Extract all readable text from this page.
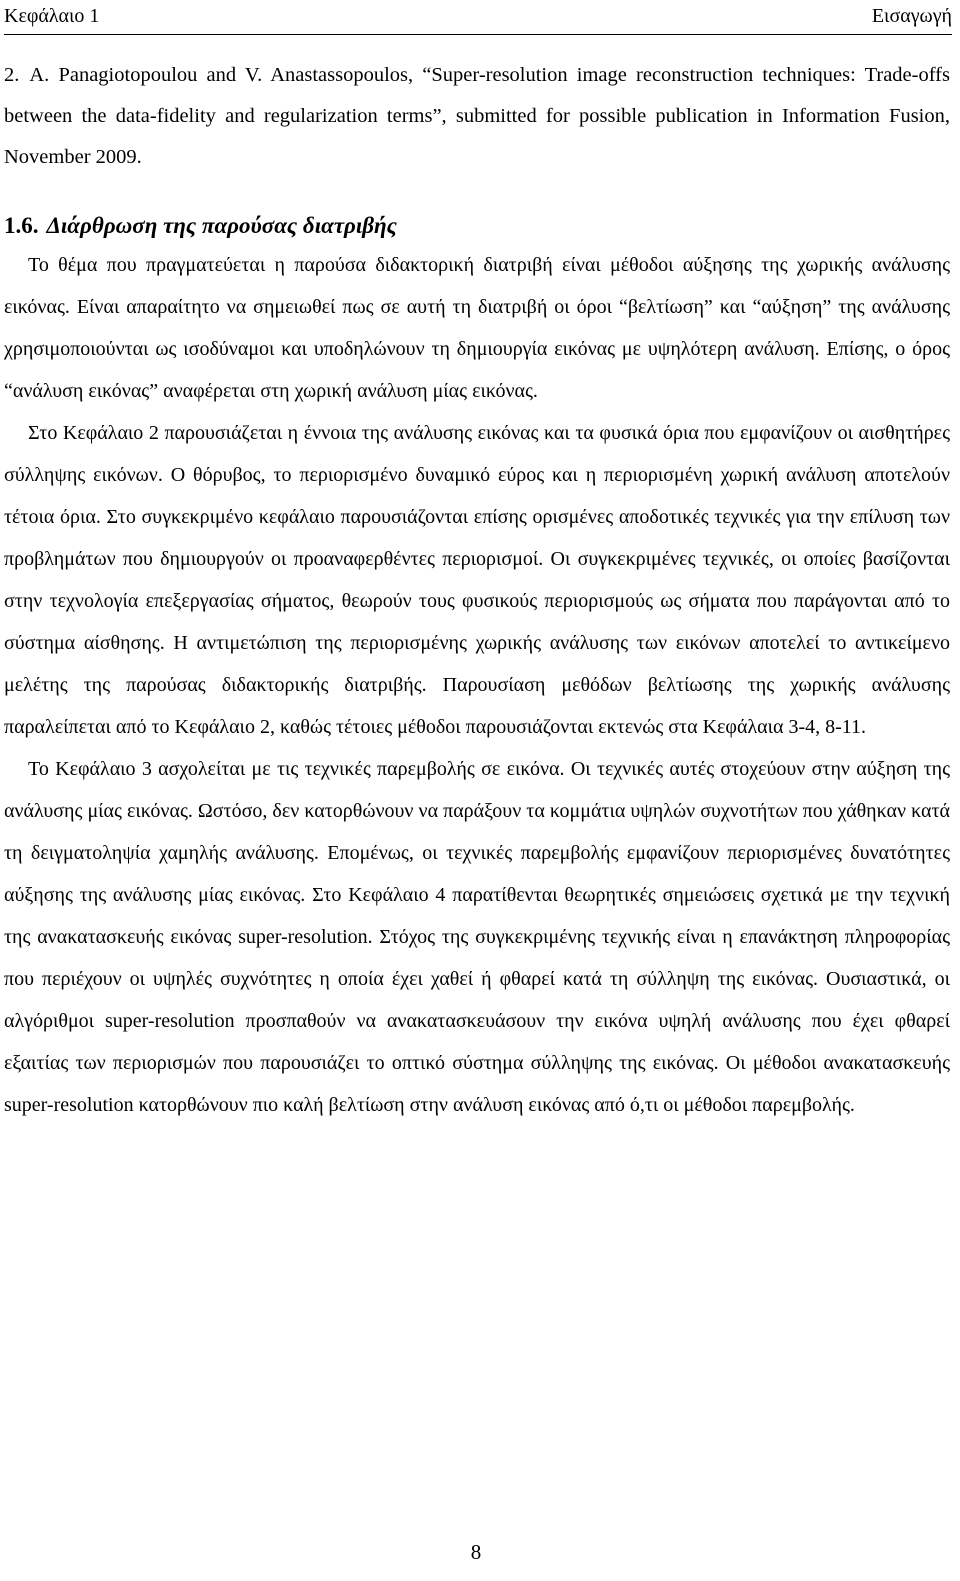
Κεφάλαιο 1	Εισαγωγή

2. A. Panagiotopoulou and V. Anastassopoulos, “Super-resolution image reconstruction techniques: Trade-offs between the data-fidelity and regularization terms”, submitted for possible publication in Information Fusion, November 2009.

1.6. Διάρθρωση της παρούσας διατριβής

Το θέμα που πραγματεύεται η παρούσα διδακτορική διατριβή είναι μέθοδοι αύξησης της χωρικής ανάλυσης εικόνας. Είναι απαραίτητο να σημειωθεί πως σε αυτή τη διατριβή οι όροι “βελτίωση” και “αύξηση” της ανάλυσης χρησιμοποιούνται ως ισοδύναμοι και υποδηλώνουν τη δημιουργία εικόνας με υψηλότερη ανάλυση. Επίσης, ο όρος “ανάλυση εικόνας” αναφέρεται στη χωρική ανάλυση μίας εικόνας.

Στο Κεφάλαιο 2 παρουσιάζεται η έννοια της ανάλυσης εικόνας και τα φυσικά όρια που εμφανίζουν οι αισθητήρες σύλληψης εικόνων. Ο θόρυβος, το περιορισμένο δυναμικό εύρος και η περιορισμένη χωρική ανάλυση αποτελούν τέτοια όρια. Στο συγκεκριμένο κεφάλαιο παρουσιάζονται επίσης ορισμένες αποδοτικές τεχνικές για την επίλυση των προβλημάτων που δημιουργούν οι προαναφερθέντες περιορισμοί. Οι συγκεκριμένες τεχνικές, οι οποίες βασίζονται στην τεχνολογία επεξεργασίας σήματος, θεωρούν τους φυσικούς περιορισμούς ως σήματα που παράγονται από το σύστημα αίσθησης. Η αντιμετώπιση της περιορισμένης χωρικής ανάλυσης των εικόνων αποτελεί το αντικείμενο μελέτης της παρούσας διδακτορικής διατριβής. Παρουσίαση μεθόδων βελτίωσης της χωρικής ανάλυσης παραλείπεται από το Κεφάλαιο 2, καθώς τέτοιες μέθοδοι παρουσιάζονται εκτενώς στα Κεφάλαια 3-4, 8-11.

Το Κεφάλαιο 3 ασχολείται με τις τεχνικές παρεμβολής σε εικόνα. Οι τεχνικές αυτές στοχεύουν στην αύξηση της ανάλυσης μίας εικόνας. Ωστόσο, δεν κατορθώνουν να παράξουν τα κομμάτια υψηλών συχνοτήτων που χάθηκαν κατά τη δειγματοληψία χαμηλής ανάλυσης. Επομένως, οι τεχνικές παρεμβολής εμφανίζουν περιορισμένες δυνατότητες αύξησης της ανάλυσης μίας εικόνας. Στο Κεφάλαιο 4 παρατίθενται θεωρητικές σημειώσεις σχετικά με την τεχνική της ανακατασκευής εικόνας super-resolution. Στόχος της συγκεκριμένης τεχνικής είναι η επανάκτηση πληροφορίας που περιέχουν οι υψηλές συχνότητες η οποία έχει χαθεί ή φθαρεί κατά τη σύλληψη της εικόνας. Ουσιαστικά, οι αλγόριθμοι super-resolution προσπαθούν να ανακατασκευάσουν την εικόνα υψηλή ανάλυσης που έχει φθαρεί εξαιτίας των περιορισμών που παρουσιάζει το οπτικό σύστημα σύλληψης της εικόνας. Οι μέθοδοι ανακατασκευής super-resolution κατορθώνουν πιο καλή βελτίωση στην ανάλυση εικόνας από ό,τι οι μέθοδοι παρεμβολής.

8
